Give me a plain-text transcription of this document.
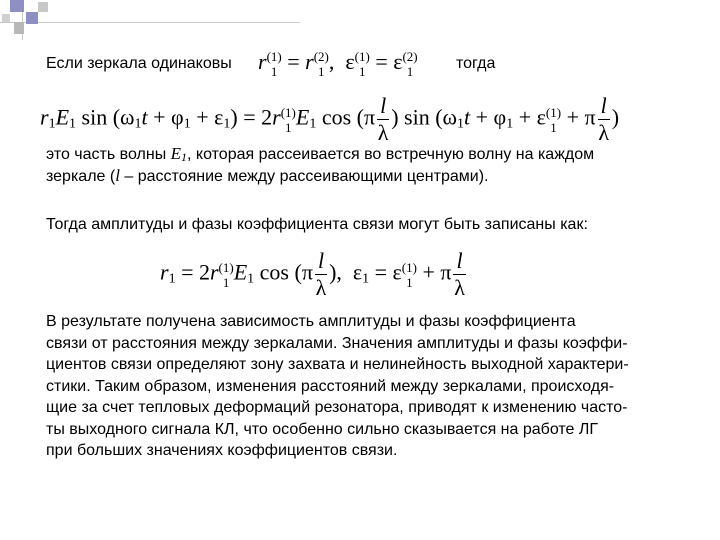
Если зеркала одинаковы r (1)
1 = r (2)
1 ,  ε (1)
1 = ε (2)
1	тогда
r1E1 sin (ω1t + φ1 + ε1) = 2r (1)
1 E1 $\cos (\pi \frac{l}{\lambda}$ ) sin (ω1t + φ1 + ε (1)
1 + π $\frac{l}{\lambda}$ )
это часть волны E1, которая рассеивается во встречную волну на каждом
зеркале (l – расстояние между рассеивающими центрами).
Тогда амплитуды и фазы коэффициента связи могут быть записаны как:
r1 = 2r (1)
1 E1 $\cos (\pi \frac{l}{\lambda}$ ),  ε1 = ε (1)
1 + π $\frac{l}{\lambda}$
В результате получена зависимость амплитуды и фазы коэффициента
связи от расстояния между зеркалами. Значения амплитуды и фазы коэффи-
циентов связи определяют зону захвата и нелинейность выходной характери-
стики. Таким образом, изменения расстояний между зеркалами, происходя-
щие за счет тепловых деформаций резонатора, приводят к изменению часто-
ты выходного сигнала КЛ, что особенно сильно сказывается на работе ЛГ
при больших значениях коэффициентов связи.
